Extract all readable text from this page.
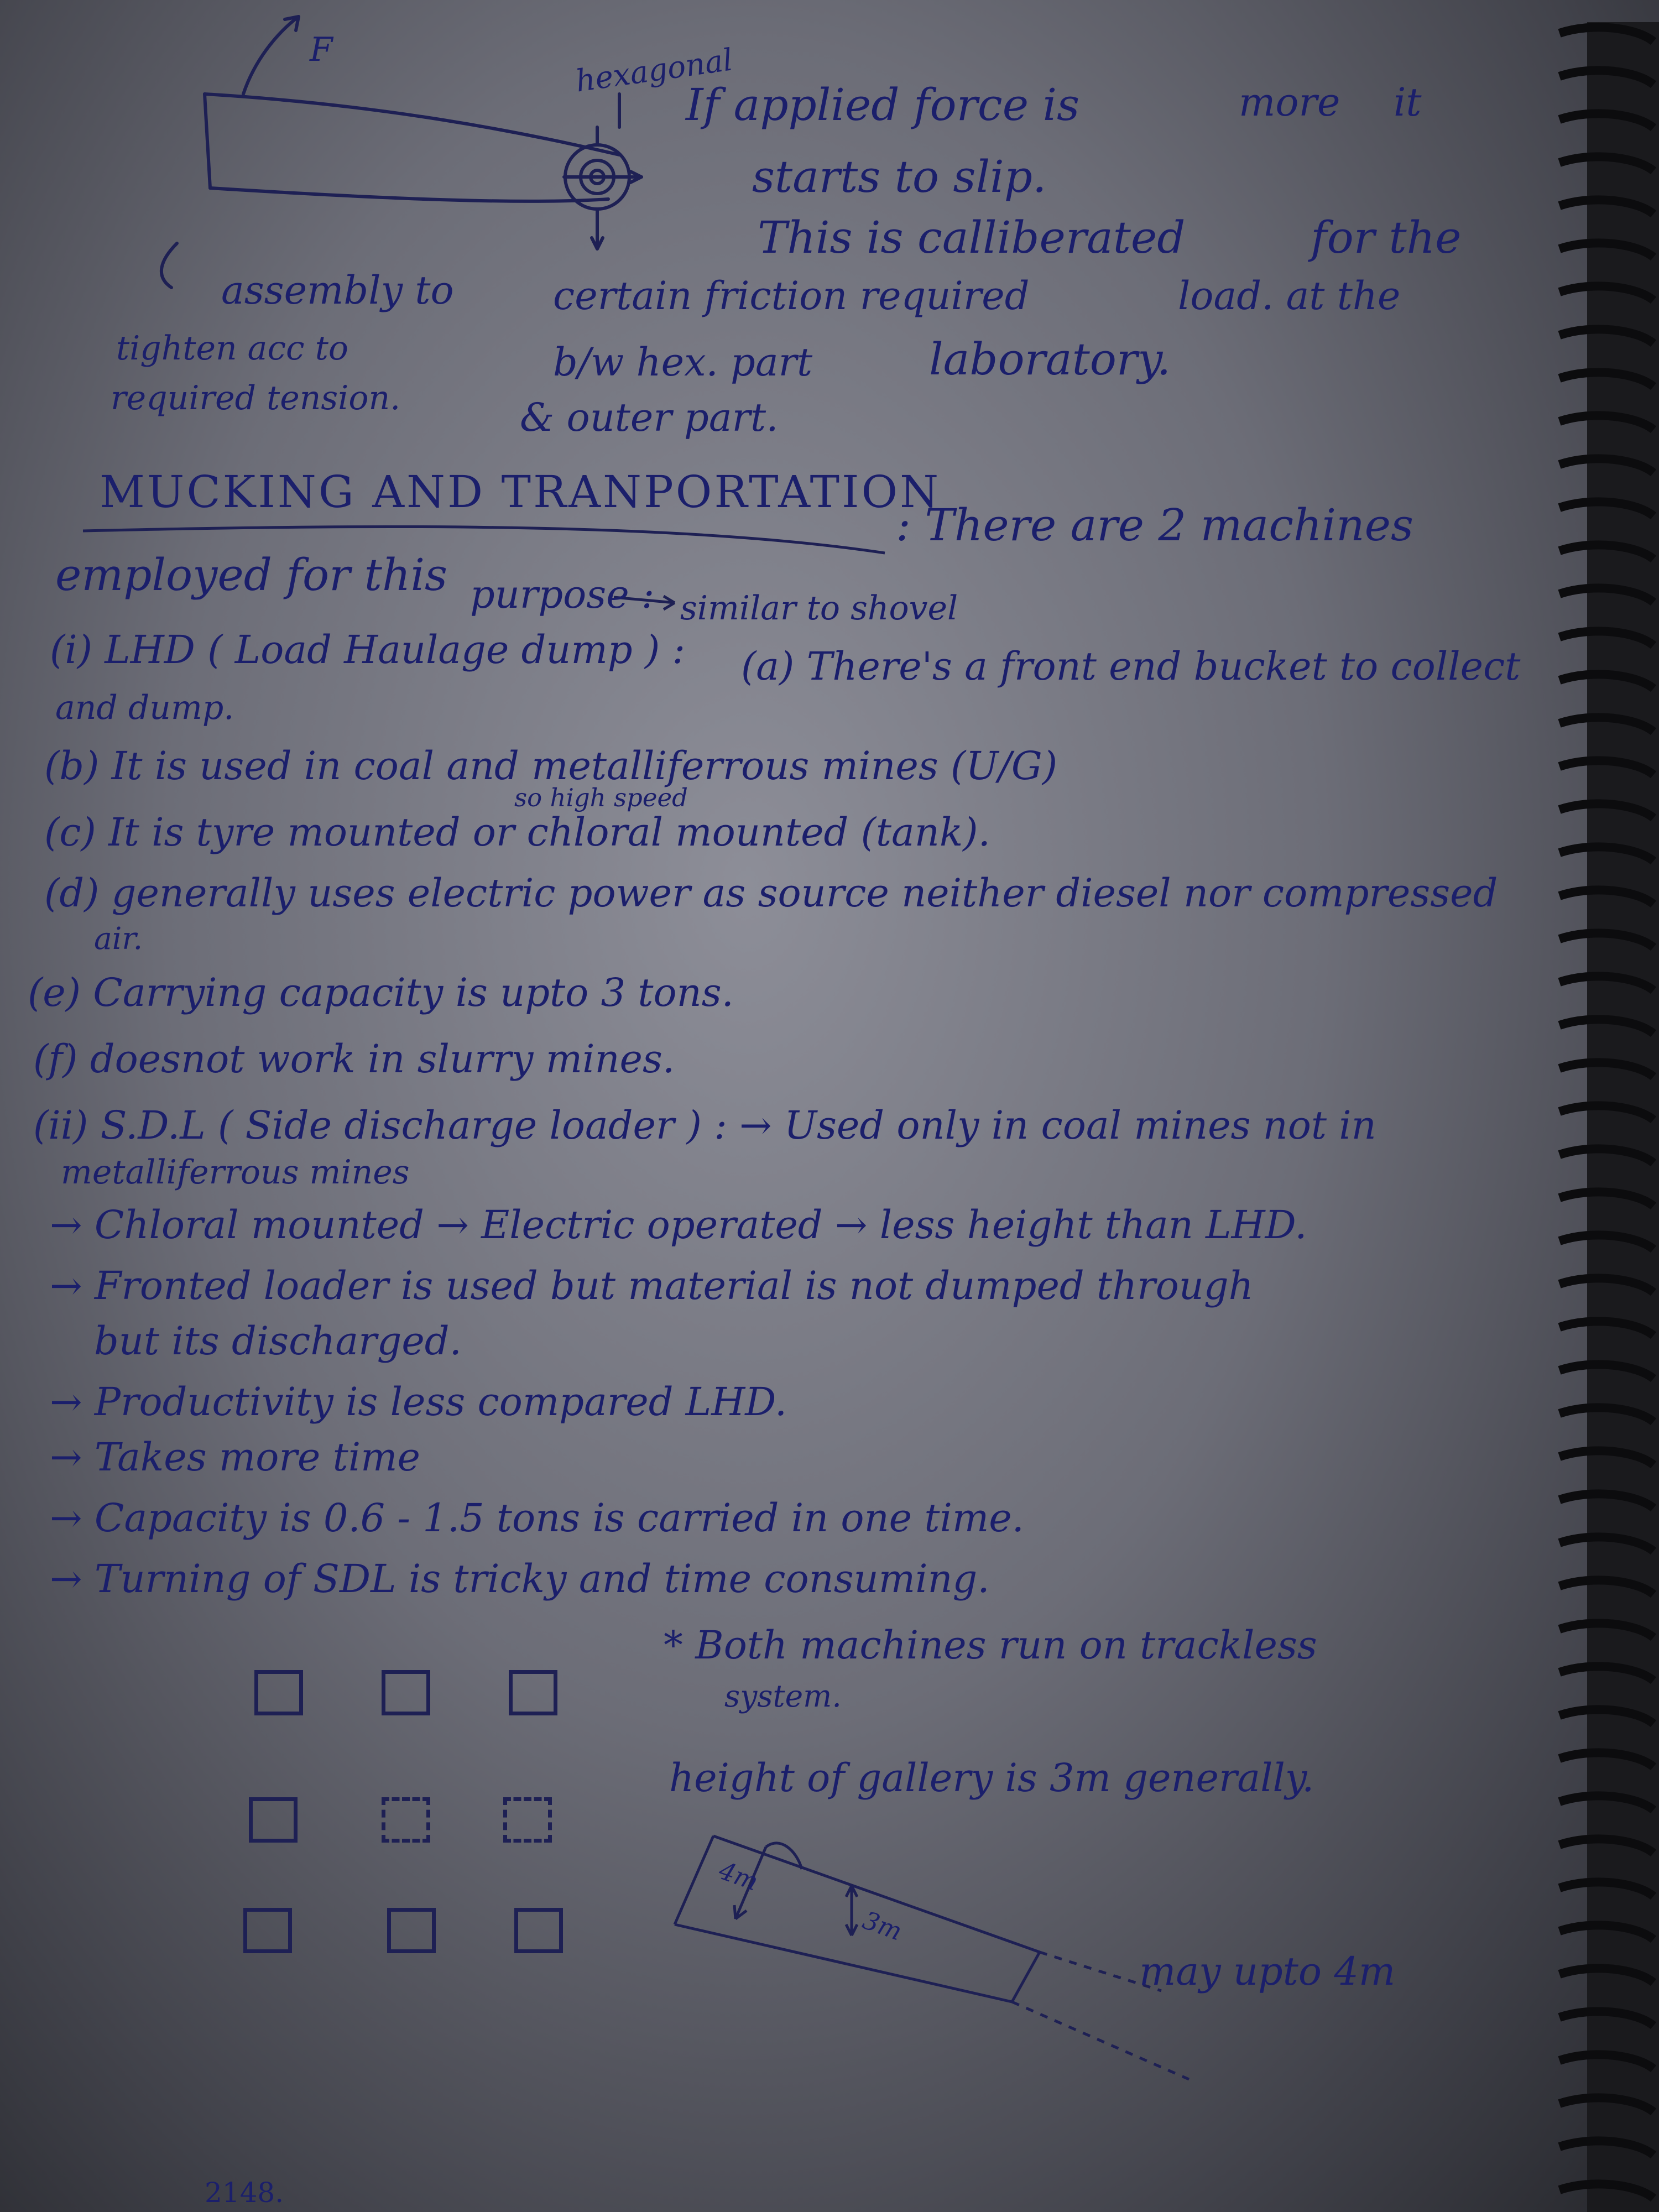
F	hexagonal
If applied force is	more it
starts to slip.
This is calliberated	for the
certain friction required	load. at the
b/w hex. part	laboratory.
& outer part.
assembly to
tighten acc to
required tension.
MUCKING AND TRANPORTATION
: There are 2 machines
employed for this purpose : similar to shovel
(i) LHD ( Load Haulage dump ) : (a) There's a front end bucket to collect
and dump.
(b) It is used in coal and metalliferrous mines (U/G)
so high speed
(c) It is tyre mounted or chloral mounted (tank).
(d) generally uses electric power as source neither diesel nor compressed
air.
(e) Carrying capacity is upto 3 tons.
(f) doesnot work in slurry mines.
(ii) S.D.L ( Side discharge loader ) : → Used only in coal mines not in
metalliferrous mines
→ Chloral mounted → Electric operated → less height than LHD.
→ Fronted loader is used but material is not dumped through
but its discharged.
→ Productivity is less compared LHD.
→ Takes more time
→ Capacity is 0.6 - 1.5 tons is carried in one time.
→ Turning of SDL is tricky and time consuming.
* Both machines run on trackless
system.
height of gallery is 3m generally.
4m
3m
may upto 4m
2148.
